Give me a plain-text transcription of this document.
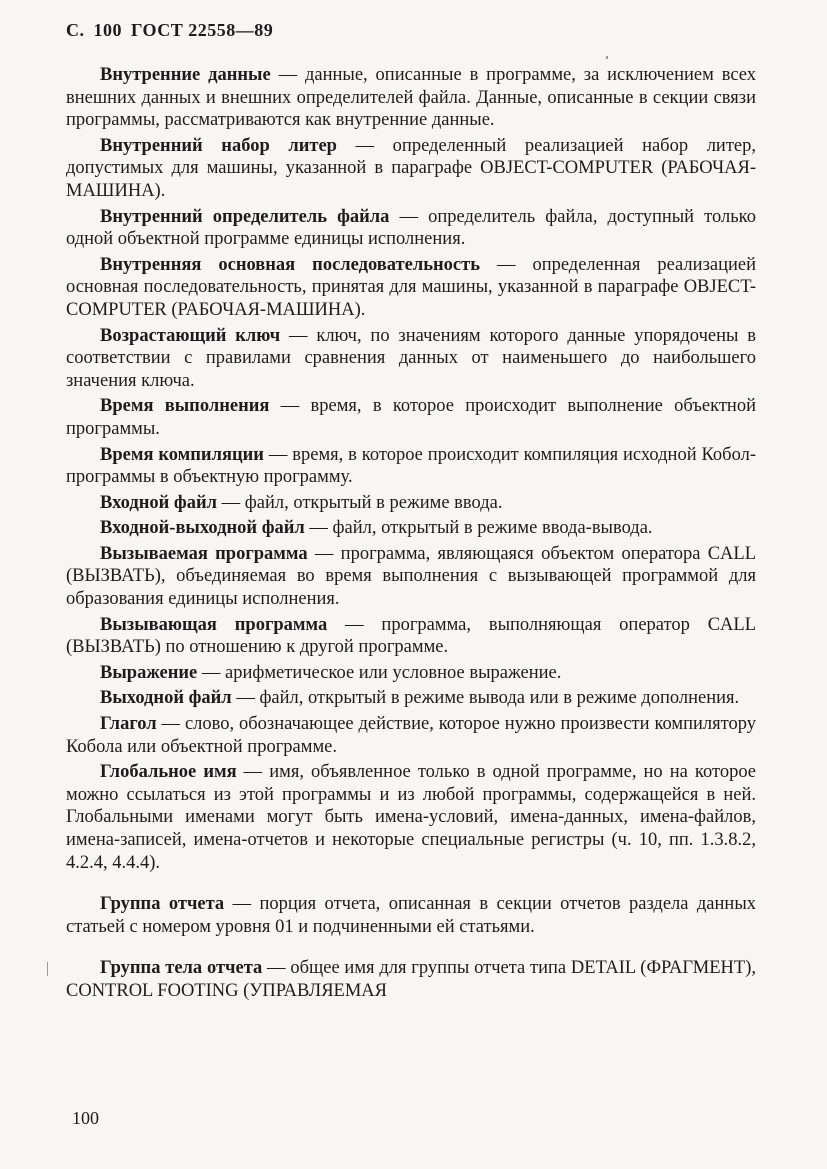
С. 100 ГОСТ 22558—89

Внутренние данные — данные, описанные в программе, за исключением всех внешних данных и внешних определителей файла. Данные, описанные в секции связи программы, рассматриваются как внутренние данные.

Внутренний набор литер — определенный реализацией набор литер, допустимых для машины, указанной в параграфе OBJECT-COMPUTER (РАБОЧАЯ-МАШИНА).

Внутренний определитель файла — определитель файла, доступный только одной объектной программе единицы исполнения.

Внутренняя основная последовательность — определенная реализацией основная последовательность, принятая для машины, указанной в параграфе OBJECT-COMPUTER (РАБОЧАЯ-МАШИНА).

Возрастающий ключ — ключ, по значениям которого данные упорядочены в соответствии с правилами сравнения данных от наименьшего до наибольшего значения ключа.

Время выполнения — время, в которое происходит выполнение объектной программы.

Время компиляции — время, в которое происходит компиляция исходной Кобол-программы в объектную программу.

Входной файл — файл, открытый в режиме ввода.

Входной-выходной файл — файл, открытый в режиме ввода-вывода.

Вызываемая программа — программа, являющаяся объектом оператора CALL (ВЫЗВАТЬ), объединяемая во время выполнения с вызывающей программой для образования единицы исполнения.

Вызывающая программа — программа, выполняющая оператор CALL (ВЫЗВАТЬ) по отношению к другой программе.

Выражение — арифметическое или условное выражение.

Выходной файл — файл, открытый в режиме вывода или в режиме дополнения.

Глагол — слово, обозначающее действие, которое нужно произвести компилятору Кобола или объектной программе.

Глобальное имя — имя, объявленное только в одной программе, но на которое можно ссылаться из этой программы и из любой программы, содержащейся в ней. Глобальными именами могут быть имена-условий, имена-данных, имена-файлов, имена-записей, имена-отчетов и некоторые специальные регистры (ч. 10, пп. 1.3.8.2, 4.2.4, 4.4.4).

Группа отчета — порция отчета, описанная в секции отчетов раздела данных статьей с номером уровня 01 и подчиненными ей статьями.

Группа тела отчета — общее имя для группы отчета типа DETAIL (ФРАГМЕНТ), CONTROL FOOTING (УПРАВЛЯЕМАЯ

100
